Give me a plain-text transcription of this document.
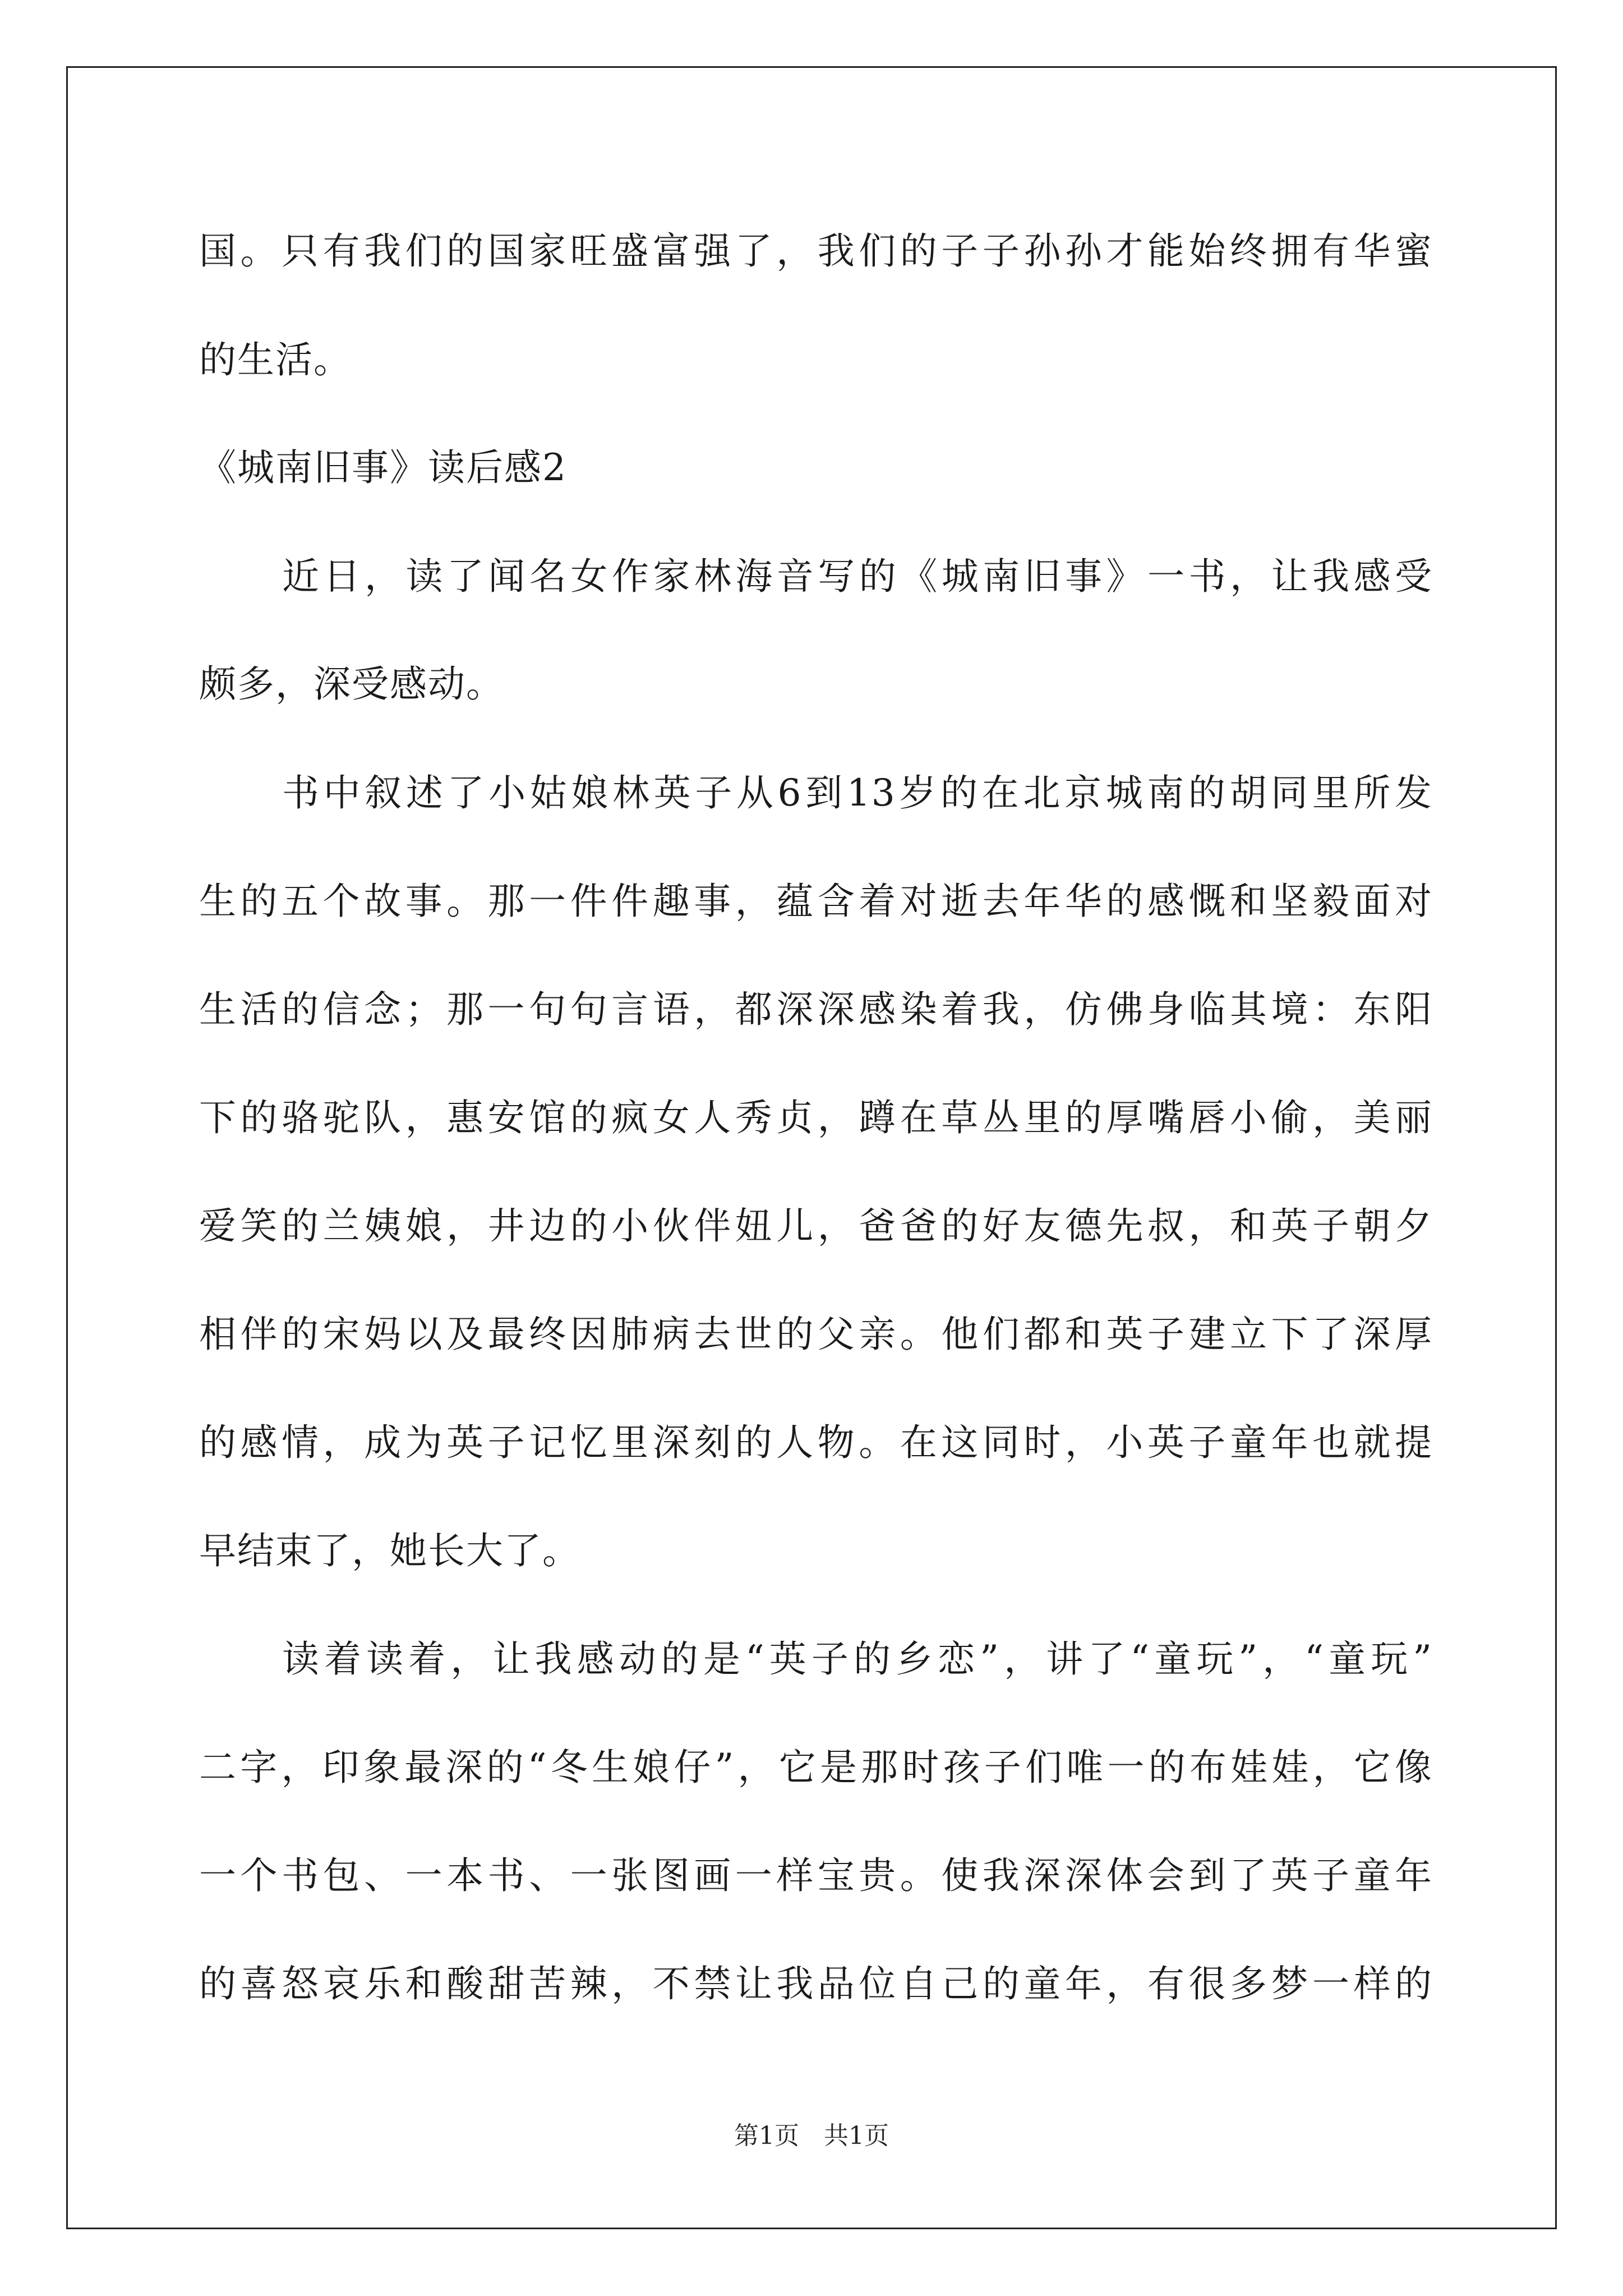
国。只有我们的国家旺盛富强了，我们的子子孙孙才能始终拥有华蜜
的生活。
《城南旧事》读后感2
近日，读了闻名女作家林海音写的《城南旧事》一书，让我感受
颇多，深受感动。
书中叙述了小姑娘林英子从6到13岁的在北京城南的胡同里所发
生的五个故事。那一件件趣事，蕴含着对逝去年华的感慨和坚毅面对
生活的信念；那一句句言语，都深深感染着我，仿佛身临其境：东阳
下的骆驼队，惠安馆的疯女人秀贞，蹲在草丛里的厚嘴唇小偷，美丽
爱笑的兰姨娘，井边的小伙伴妞儿，爸爸的好友德先叔，和英子朝夕
相伴的宋妈以及最终因肺病去世的父亲。他们都和英子建立下了深厚
的感情，成为英子记忆里深刻的人物。在这同时，小英子童年也就提
早结束了，她长大了。
读着读着，让我感动的是“英子的乡恋”，讲了“童玩”，“童玩”
二字，印象最深的“冬生娘仔”，它是那时孩子们唯一的布娃娃，它像
一个书包、一本书、一张图画一样宝贵。使我深深体会到了英子童年
的喜怒哀乐和酸甜苦辣，不禁让我品位自己的童年，有很多梦一样的
第1页 共1页
